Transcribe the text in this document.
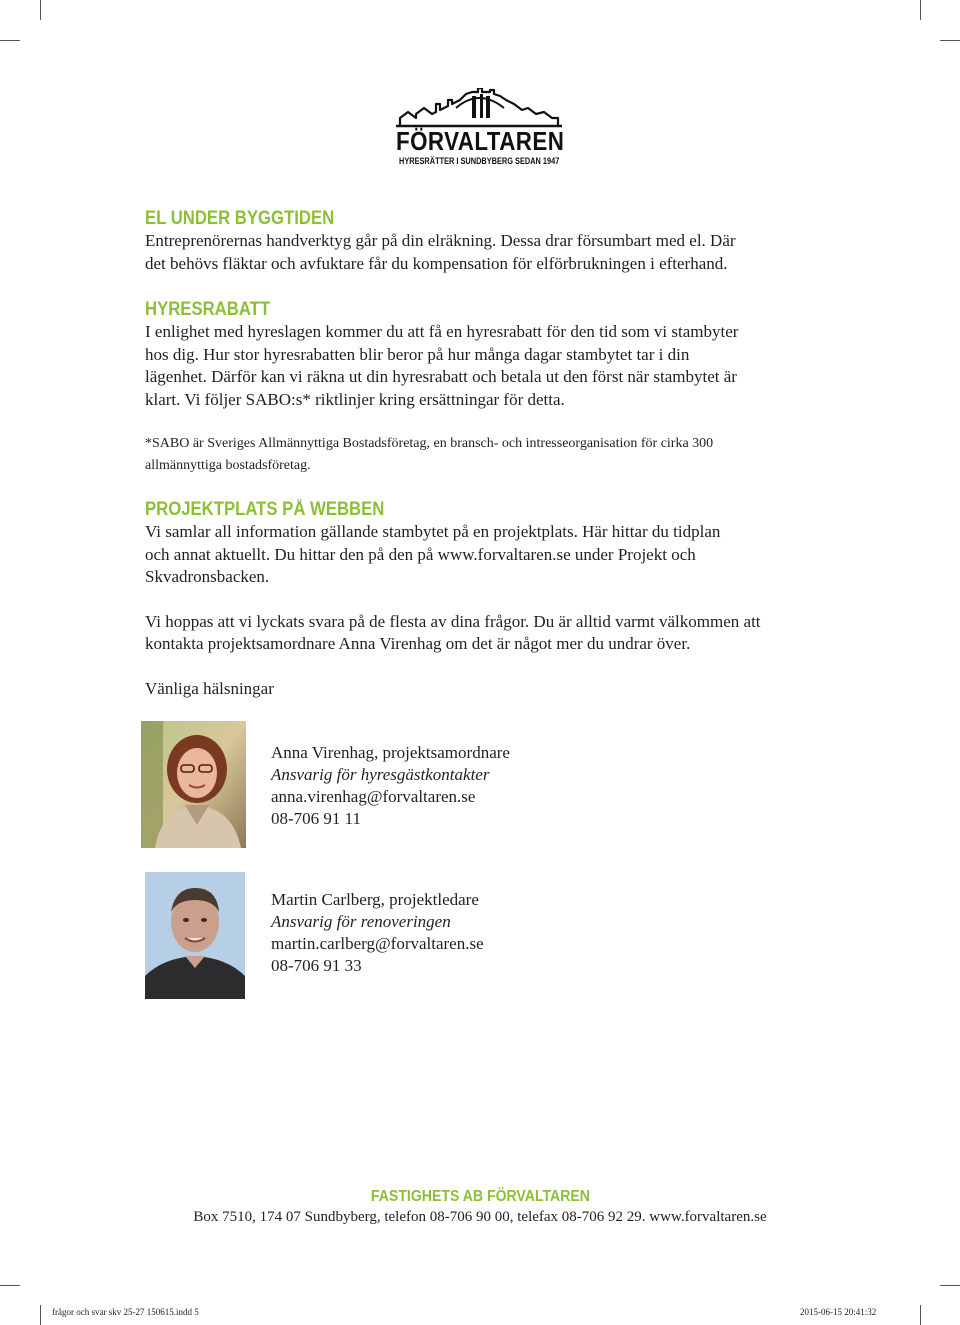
FÖRVALTAREN
HYRESRÄTTER I SUNDBYBERG SEDAN 1947
EL UNDER BYGGTIDEN
Entreprenörernas handverktyg går på din elräkning. Dessa drar försumbart med el. Där
det behövs fläktar och avfuktare får du kompensation för elförbrukningen i efterhand.
HYRESRABATT
I enlighet med hyreslagen kommer du att få en hyresrabatt för den tid som vi stambyter
hos dig. Hur stor hyresrabatten blir beror på hur många dagar stambytet tar i din
lägenhet. Därför kan vi räkna ut din hyresrabatt och betala ut den först när stambytet är
klart. Vi följer SABO:s* riktlinjer kring ersättningar för detta.
*SABO är Sveriges Allmännyttiga Bostadsföretag, en bransch- och intresseorganisation för cirka 300
allmännyttiga bostadsföretag.
PROJEKTPLATS PÅ WEBBEN
Vi samlar all information gällande stambytet på en projektplats. Här hittar du tidplan
och annat aktuellt. Du hittar den på den på www.forvaltaren.se under Projekt och
Skvadronsbacken.
Vi hoppas att vi lyckats svara på de flesta av dina frågor. Du är alltid varmt välkommen att
kontakta projektsamordnare Anna Virenhag om det är något mer du undrar över.
Vänliga hälsningar
Anna Virenhag, projektsamordnare
Ansvarig för hyresgästkontakter
anna.virenhag@forvaltaren.se
08-706 91 11
Martin Carlberg, projektledare
Ansvarig för renoveringen
martin.carlberg@forvaltaren.se
08-706 91 33
FASTIGHETS AB FÖRVALTAREN
Box 7510, 174 07 Sundbyberg, telefon 08-706 90 00, telefax 08-706 92 29. www.forvaltaren.se
frågor och svar skv 25-27 150615.indd 5	2015-06-15 20:41:32
